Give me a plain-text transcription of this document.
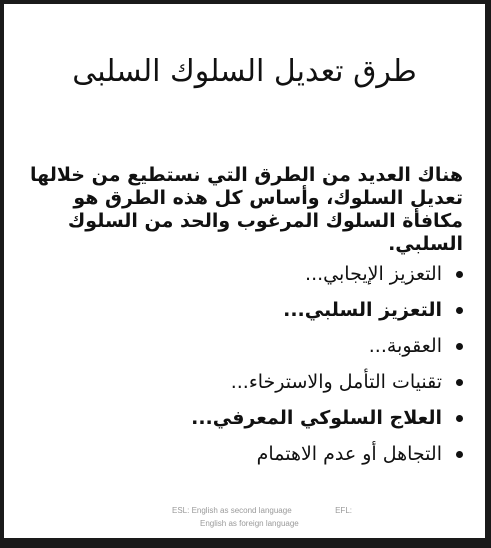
طرق تعديل السلوك السلبى
هناك العديد من الطرق التي نستطيع من خلالها تعديل السلوك، وأساس كل هذه الطرق هو مكافأة السلوك المرغوب والحد من السلوك السلبي.
التعزيز الإيجابي...
التعزيز السلبي...
العقوبة...
تقنيات التأمل والاسترخاء...
العلاج السلوكي المعرفي...
التجاهل أو عدم الاهتمام
ESL: English as second language	EFL:
English as foreign language
